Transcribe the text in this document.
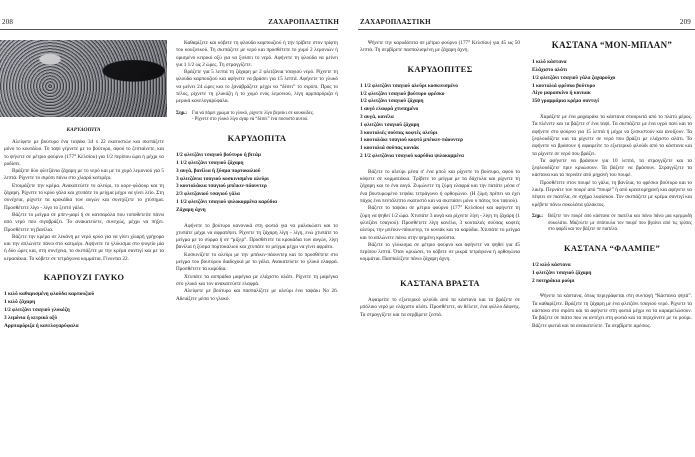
208	ΖΑΧΑΡΟΠΛΑΣΤΙΚΗ
ΚΑΡΥΔΟΠΙΤΑ

Αλείφετε με βούτυρο ένα ταψάκι 34 x 22 εκατοστών και σκεπάζετε μόνο το κουτάλιο. Το ταψί γέρνετε με το βούτυρο, αφού το ζεσταίνετε, και το ψήνετε σε μέτριο φούρνο (177° Κελσίου) για 1/2 περίπου ώρα ή μέχρι να ροδίσει.

Βράζετε δύο φλιτζάνια ζάχαρη με το νερό και με το χυμό λεμονιού για 5 λεπτά. Ρίχνετε το σιρόπι πάνω στο χλιαρό κατιμέρι.

Ετοιμάζετε την κρέμα. Ανακατεύετε το αλεύρι, το κορν-φλάουρ και τη ζάχαρη. Ρίχνετε το κρύο γάλα και χτυπάτε το μείγμα μέχρι να γίνει λείο. Στη συνέχεια, ρίχνετε τα κροκάδια των αυγών και συνεχίζετε το χτύπημα. Προσθέτετε λίγο - λίγο το ζεστό γάλα.

Βάζετε το μείγμα σε μπεν-μαρί ή σε κατσαρόλα που τοποθετείτε πάνω από νερό που σιγοβράζει. Το ανακατεύετε, συνεχώς, μέχρι να πήξει. Προσθέτετε τη βανίλια.

Βάζετε την κρέμα σε λεκάνη με νερό κρύο για να γίνει χλιαρή γρήγορα και την απλώνετε πάνω στο κατιμέρι. Αφήνετε το γλύκισμα στο ψυγείο μία ή δύο ώρες και, στη συνέχεια, το σκεπάζετε με την κρέμα σαντιγί και με τα κερασάκια. Το κόβετε σε τετράγωνα κομμάτια. Γίνονται 22.

ΚΑΡΠΟΥΖΙ ΓΛΥΚΟ
1 κιλό καθαρισμένη φλούδα καρπουζιού
1 κιλό ζάχαρη
1/2 φλιτζάνι τσαγιού γλυκόζη
3 λεμόνια ή κιτρικό οξύ
Αρμπαρόριζα ή κανελογαρύφαλα

Καθαρίζετε και κόβετε τη φλούδα καρπουζιού ή την τρίβετε στον τρίφτη του κουζινικού. Τη σκεπάζετε με νερό και προσθέτετε το χυμό 2 λεμονιών ή ορισμένο κιτρικό οξύ για να ξινίσει το νερό. Αφήνετε τη φλούδα να μείνει για 1 1/2 ως 2 ώρες. Τη στραγγίζετε.

Βράζετε για 5 λεπτά τη ζάχαρη με 2 φλιτζάνια τσαγιού νερό. Ρίχνετε τη φλούδα καρπουζιού και αφήνετε να βράσει για 15 λεπτά. Αφήνετε το γλυκό να μείνει 24 ώρες και το ξαναβράζετε μέχρι να “δέσει” το σιρόπι. Προς το τέλος, ρίχνετε τη γλυκόζη ή το χυμό ενός λεμονιού, λίγη αρμπαρόριζα ή μερικά κανελογαρύφαλα.

Σημ.: Για να πάρει χρώμα το γλυκό, ρίχνετε λίγο βερνίκι σε κουκκίδες.
- Ρίχνετε στο γλυκό λίγο αγαρ να “δέσει” ένα ποσοστό αυτού.
ΚΑΡΥΔΟΠΙΤΑ
1/2 φλιτζάνι τσαγιού βούτυρο ή βιτάμ
1 1/2 φλιτζάνι τσαγιού ζάχαρη
3 αυγά, βανίλια ή ξύσμα πορτοκαλιού
3 φλιτζάνια τσαγιού κοσκινισμένο αλεύρι
3 κουταλάκια τσαγιού μπέικιν-πάουντερ
2/3 φλιτζανιού τσαγιού γάλα
1 1/2 φλιτζάνι τσαγιού ψιλοκομμένα καρύδια
Ζάχαρη άχνη

Αφήνετε το βούτυρο κανονικά στη φωτιά για να μαλακώσει και το χτυπάτε μέχρι να αφρατέψει. Ρίχνετε τη ζάχαρη λίγη - λίγη, ενώ χτυπάτε το μείγμα με το σύρμα ή σε “μίξερ”. Προσθέτετε τα κροκάδια των αυγών, λίγη βανίλια ή ξύσμα πορτοκαλιού και χτυπάτε το μείγμα μέχρι να γίνει αφράτο.

Κοσκινίζετε το αλεύρι με την μπέικιν-πάουντερ και το προσθέτετε στο μείγμα του βουτύρου διαδοχικά με το γάλα. Ανακατεύετε το γλυκό ελαφρά. Προσθέτετε τα καρύδια.

Χτυπάτε τα ασπράδια μαρέγκα με ελάχιστο αλάτι. Ρίχνετε τη μαρέγκα στο γλυκό και τον ανακατεύετε ελαφρά.

Αλείφετε με βούτυρο και πασπαλίζετε με αλεύρι ένα ταψάκι Νο 26. Αδειάζετε μέσα το γλυκό.

ΖΑΧΑΡΟΠΛΑΣΤΙΚΗ	209

Ψήνετε την καρυδόπιτα σε μέτριο φούρνο (177° Κελσίου) για 45 ως 50 λεπτά. Τη σερβίρετε πασπαλισμένη με ζάχαρη άχνη.

ΚΑΡΥΔΟΠΙΤΕΣ
1 1/2 φλιτζάνι τσαγιού αλεύρι κοσκινισμένο
1/2 φλιτζάνι τσαγιού βούτυρο φρέσκο
1/2 φλιτζάνι τσαγιού ζάχαρη
1 αυγό ελαφρά χτυπημένο
3 αυγά, κανέλα
1 φλιτζάνι τσαγιού ζάχαρη
3 κουταλιές σούπας κοφτές αλεύρι
1 κουταλάκι τσαγιού κοφτό μπέικιν-πάουντερ
1 κουταλιά σούπας κονιάκ
2 1/2 φλιτζάνια τσαγιού καρύδια ψιλοκομμένα

Βάζετε το αλεύρι μέσα σ' ένα μπολ και ρίχνετε το βούτυρο, αφού το κόψετε σε κομματάκια. Τρίβετε το μείγμα με τα δάχτυλα και ρίχνετε τη ζάχαρη και το ένα αυγό. Ζυμώνετε τη ζύμη ελαφρά και την πατάτε μέσα σ' ένα βουτυρωμένο τεψάκι τετράγωνο ή ορθογώνιο. (Η ζύμη πρέπει να έχει πάχος ένα πεντάλεπτο εκατοστό και να σκεπάσει μόνο ο πάτος του ταψιού).

Βάζετε το ταψάκι σε μέτριο φούρνο (177° Κελσίου) και αφήνετε τη ζύμη να ψηθεί 1/2 ώρα. Χτυπάτε 3 αυγά και ρίχνετε λίγη - λίγη τη ζάχαρη (1 φλιτζάνι τσαγιού). Προσθέτετε λίγη κανέλα, 3 κουταλιές σούπας κοφτές αλεύρι, την μπέικιν-πάουντερ, το κονιάκ και τα καρύδια. Χτυπάτε το μείγμα και το απλώνετε πάνω στην ψημένη κρούστα.

Βάζετε το γλύκισμα σε μέτριο φούρνο και αφήνετε να ψηθεί για 45 περίπου λεπτά. Όταν κρυώσει, το κόβετε σε μικρά τετράγωνα ή ορθογώνια κομμάτια. Πασπαλίζετε πάνω ζάχαρη άχνη.

ΚΑΣΤΑΝΑ ΒΡΑΣΤΑ

Αφαιρείτε το εξωτερικό φλούδι από τα κάστανα και τα βράζετε σε μπόλικο νερό με ελάχιστο αλάτι. Προσθέτετε, αν θέλετε, ένα φύλλο δάφνης. Τα στραγγίζετε και τα σερβίρετε ζεστά.

ΚΑΣΤΑΝΑ “ΜΟΝ-ΜΠΛΑΝ”
1 κιλό κάστανα
Ελάχιστο αλάτι
1/2 φλιτζάνι τσαγιού γάλα ζαχαρούχο
1 κουταλιά φρέσκο βούτυρο
Λίγο μαρασκίνο ή κονιιακ
350 γραμμάρια κρέμα σαντιγί

Χαράζετε με ένα μαχαιράκι τα κάστανα σταυρωτά από το πλατύ μέρος. Τα πλένετε και τα βάζετε σ' ένα ταψί. Τα σκεπάζετε με ένα υγρό πανί και τα αφήνετε στο φούρνο για 15 λεπτά ή μέχρι να ξεσκιστούν και ανοίξουν. Τα ξεφλουδίζετε και τα ρίχνετε σε νερό που βράζει με ελάχιστο αλάτι. Τα αφήνετε να βράσουν ή αφαιρείτε το εξωτερικό φλούδι από τα κάστανα και τα ρίχνετε σε νερό που βράζει.

Τα αφήνετε να βράσουν για 10 λεπτά, τα στραγγίζετε και τα ξεφλουδίζετε πριν κρυώσουν. Τα βάζετε να βράσουν. Στραγγίζετε τα κάστανα και τα περνάτε από μηχανή του πουρέ.

Προσθέτετε στον πουρέ το γάλα, τη βανίλια, το φρέσκο βούτυρο και το λικέρ. Περνάτε τον πουρέ από “πουρέ” ή από κρεατομηχανή και αφήνετε να πέφτει σε πιατέλα, σε σχήμα λοφίσκου. Τον σκεπάζετε με κρέμα σαντιγί και κρέβετε πάνω σοκολάτα γάλακτος.

Σημ.: Βάζετε τον πουρέ από κάστανα σε πιατέλα και πάνω πάνω μια κρεμμυδή σοκολάτα. Μαζεύετε με σπάτουλα τον πουρέ που βγαίνει από τις τρύπες στο φαρδί και τον βάζετε σε πιατέλα.
ΚΑΣΤΑΝΑ “ΦΛΑΜΠΕ”
1/2 κιλό κάστανα
1 φλιτζάνι τσαγιού ζάχαρη
2 ποτηράκια ρούμι

Ψήνετε τα κάστανα, όπως περιγράφεται στη συνταγή “Κάστανα ψητά”. Τα καθαρίζετε. Βράζετε τη ζάχαρη με ένα φλιτζάνι τσαγιού νερό. Ρίχνετε τα κάστανα στο σιρόπι και τα αφήνετε στη φωτιά μέχρι να τα καραμελώσουν. Τα βάζετε σε πιάτο που να αντέχει στη φωτιά και τα περιχύνετε με το ρούμι. Βάζετε φωτιά και τα ανακατεύετε. Τα σερβίρετε αμέσως.
